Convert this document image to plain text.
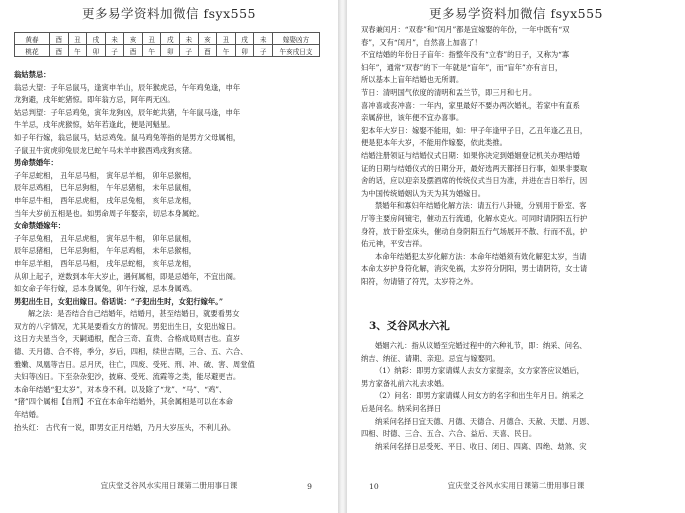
更多易学资料加微信 fsyx555
黄春	酉	丑	戌	未	亥	丑	戌	未	亥	丑	戌	未	嫁娶凶方
桃花	酉	午	卯	子	酉	午	卯	子	酉	午	卯	子	午亥戌日支

翁姑禁忌：

翁忌大望：子年忌鼠马，逢寅申羊山，辰年猴虎忌，午年鸡兔逢，申年

龙狗避，戌年蛇猪惊。即年翁方忌，阿年两无凶。

姑忌判望：子年忌鸡兔，寅年龙狗凶，辰年蛇共猪，午年鼠马逢，申年

牛羊忌，戌年虎猴惊，姑年若逢此，便是河魁星。

如子年行嫁，翁忌鼠马，姑忌鸡兔。鼠马鸡兔等指的是男方父母属相，

子鼠丑牛寅虎卯兔辰龙巳蛇午马未羊申猴酉鸡戌狗亥猪。

男命禁婚年：

子年忌蛇相， 丑年忌马相， 寅年忌羊相， 卯年忌猴相，

辰年忌鸡相， 巳年忌狗相， 午年忌猪相， 未年忌鼠相，

申年忌牛相， 酉年忌虎相， 戌年忌兔相， 亥年忌龙相，

当年大岁前五相是也。如男命周子年娶亲，切忌本身属蛇。

女命禁婚嫁年：

子年忌兔相， 丑年忌虎相， 寅年忌牛相， 卯年忌鼠相，

辰年忌猪相， 巳年忌狗相， 午年忌鸡相， 未年忌猴相，

申年忌羊相， 酉年忌马相， 戌年忌蛇相， 亥年忌龙相，

从卯上起子，逆数到本年大岁止，遇何属相，即是忌婚年，不宜出阁。

如女命子年行嫁，忌本身属兔，卯午行嫁，忌本身属鸡。

男犯出生日，女犯出嫁日。俗话说：“子犯出生时，女犯行嫁年。”

解之法：是否结合自己结婚年，结婚月，甚至结婚日，就要看男女

双方的八字情况，尤其是要看女方的情况。男犯出生日，女犯出嫁日。

这日方夫星当令，天嗣通根，配合三奇、直贵、合格成局则吉也。直岁

德、天月德、合不将，季分，岁后，四相，续世吉期，三合、五、六合、

雅嫩、凤凰等吉日。忌月厌，往亡，四废、受死、刑、冲、破、害、周堂值

夫妇等凶日。下至杂杂犯沙，披麻、受死、流霞等之类，能尽避更吉。

本命年结婚“犯太岁”，对本身不利。以及除了“龙”、“马”、“鸡”、

“猪”四个属相【自刑】不宜在本命年结婚外，其余属相是可以在本命

年结婚。

抬头红： 古代有一说，即男女正月结婚，乃月大岁压头，不利儿孙。

宜庆堂爻谷风水实用日课第二册用事日课	9
更多易学资料加微信 fsyx555

双春兼闰月：“双春”和“闰月”都是宜嫁娶的年份，一年中既有“双

春”，又有“闰月”，自然喜上加喜了！

不宜结婚的年份日子盲年：指整年没有“立春”的日子，又称为“寡

妇年”，通常“双春”的下一年就是“盲年”，而“盲年”亦有言日，

所以基本上盲年结婚也无所谓。

节日：清明国气依度的清明和盂兰节，即三月和七月。

喜冲喜或丧冲喜：一年内，家里最好不要办两次婚礼，若家中有直系

亲属辞世，该年便不宜办喜事。

犯本年大岁日：嫁娶不能用，如：甲子年逢甲子日，乙丑年逢乙丑日，

便是犯本年大岁，不能用作嫁娶，依此类推。

结婚注册领证与结婚仪式日期：如果你决定到婚姻登记机关办理结婚

证的日期与结婚仪式的日期分开，最好选两天都择日行事，如果非要取

舍的话，应以迎亲及摆酒席的传统仪式当日为准，并进在吉日举行，因

为中国传统婚姻认为天为其为婚嫁日。

禁婚年和寡妇年结婚化解方法：请五行八卦镜，分别用于卧室、客

厅等主要房间镜宅，催动五行流通，化解水克火。可同时请阴阳五行护

身符，放于卧室床头，催动自身阴阳五行气场展开不散、行而不乱，护

佑元神，平安吉祥。

本命年结婚犯太岁化解方法：本命年结婚须有效化解犯太岁，当请

本命太岁护身符化解，消灾免祸，太岁符分阴阳，男士请阴符，女士请

阳符，勿请错了符咒，太岁符之外。

3、爻谷风水六礼

婚姻六礼：指从议婚至完婚过程中的六种礼节，即：纳采、问名、

纳吉、纳征、请期、亲迎。忌宜与嫁娶同。

（1）纳彩：即男方家请媒人去女方家提亲，女方家答应议婚后，

男方家备礼前六礼去求婚。

（2）问名：即男方家请媒人问女方的名字和出生年月日。纳采之

后是问名。纳采问名择日

纳采问名择日宜天德、月德、天德合、月德合、天赦、天愿、月恩、

四相、时德、三合、五合、六合、益后、天喜、民日。

纳采问名择日忌受死、平日、收日、闭日、四离、四绝、劫煞、灾

宜庆堂爻谷风水实用日课第二册用事日课
10
